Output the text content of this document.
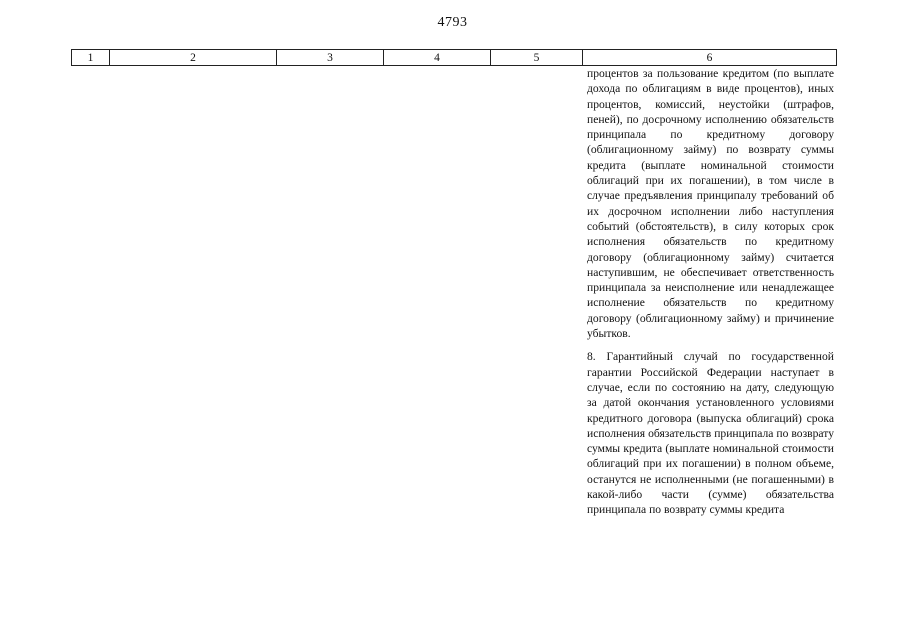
4793
1	2	3	4	5	6

процентов за пользование кредитом (по выплате дохода по облигациям в виде процентов), иных процентов, комиссий, неустойки (штрафов, пеней), по досрочному исполнению обязательств принципала по кредитному договору (облигационному займу) по возврату суммы кредита (выплате номинальной стоимости облигаций при их погашении), в том числе в случае предъявления принципалу требований об их досрочном исполнении либо наступления событий (обстоятельств), в силу которых срок исполнения обязательств по кредитному договору (облигационному займу) считается наступившим, не обеспечивает ответственность принципала за неисполнение или ненадлежащее исполнение обязательств по кредитному договору (облигационному займу) и причинение убытков.

8. Гарантийный случай по государственной гарантии Российской Федерации наступает в случае, если по состоянию на дату, следующую за датой окончания установленного условиями кредитного договора (выпуска облигаций) срока исполнения обязательств принципала по возврату суммы кредита (выплате номинальной стоимости облигаций при их погашении) в полном объеме, останутся не исполненными (не погашенными) в какой-либо части (сумме) обязательства принципала по возврату суммы кредита
